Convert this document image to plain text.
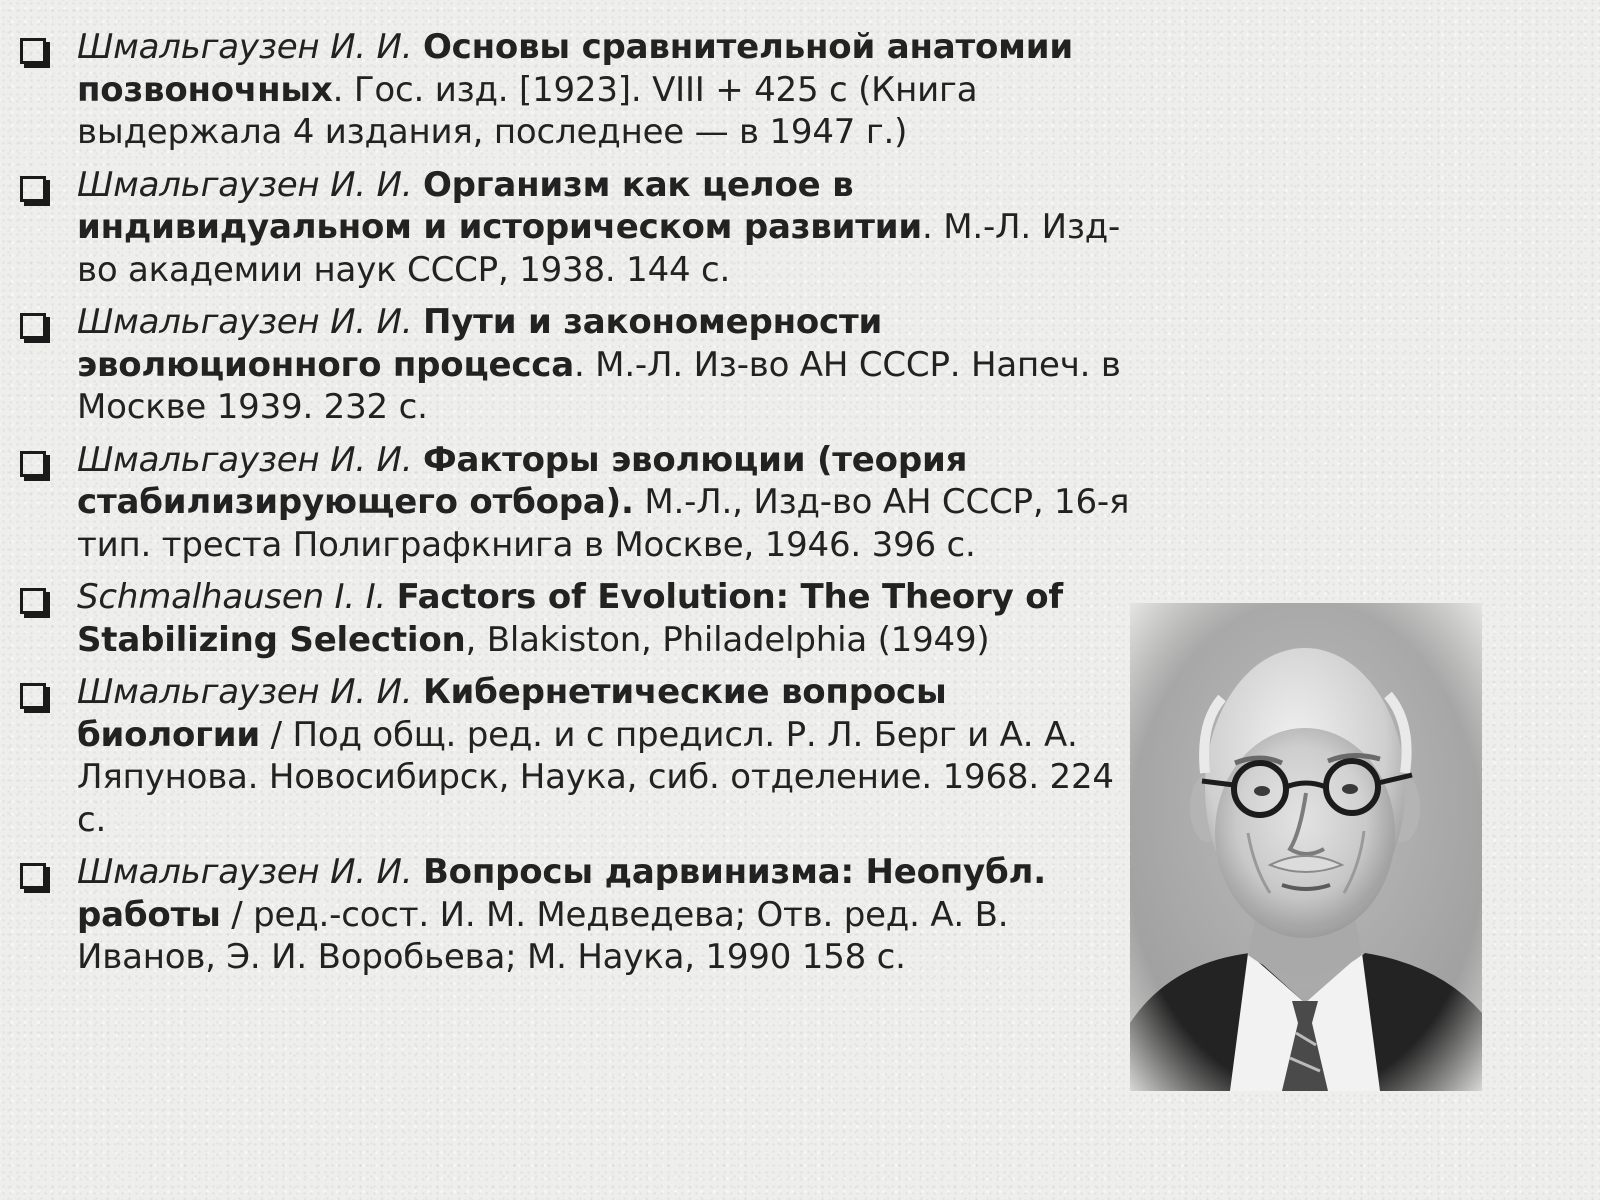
Шмальгаузен И. И. Основы сравнительной анатомии позвоночных. Гос. изд. [1923]. VIII + 425 с (Книга выдержала 4 издания, последнее — в 1947 г.)
Шмальгаузен И. И. Организм как целое в индивидуальном и историческом развитии. М.-Л. Изд-во академии наук СССР, 1938. 144 с.
Шмальгаузен И. И. Пути и закономерности эволюционного процесса. М.-Л. Из-во АН СССР. Напеч. в Москве 1939. 232 с.
Шмальгаузен И. И. Факторы эволюции (теория стабилизирующего отбора). М.-Л., Изд-во АН СССР, 16-я тип. треста Полиграфкнига в Москве, 1946. 396 с.
Schmalhausen I. I. Factors of Evolution: The Theory of Stabilizing Selection, Blakiston, Philadelphia (1949)
Шмальгаузен И. И. Кибернетические вопросы биологии / Под общ. ред. и с предисл. Р. Л. Берг и А. А. Ляпунова. Новосибирск, Наука, сиб. отделение. 1968. 224 с.
Шмальгаузен И. И. Вопросы дарвинизма: Неопубл. работы / ред.-сост. И. М. Медведева; Отв. ред. А. В. Иванов, Э. И. Воробьева; М. Наука, 1990 158 с.
